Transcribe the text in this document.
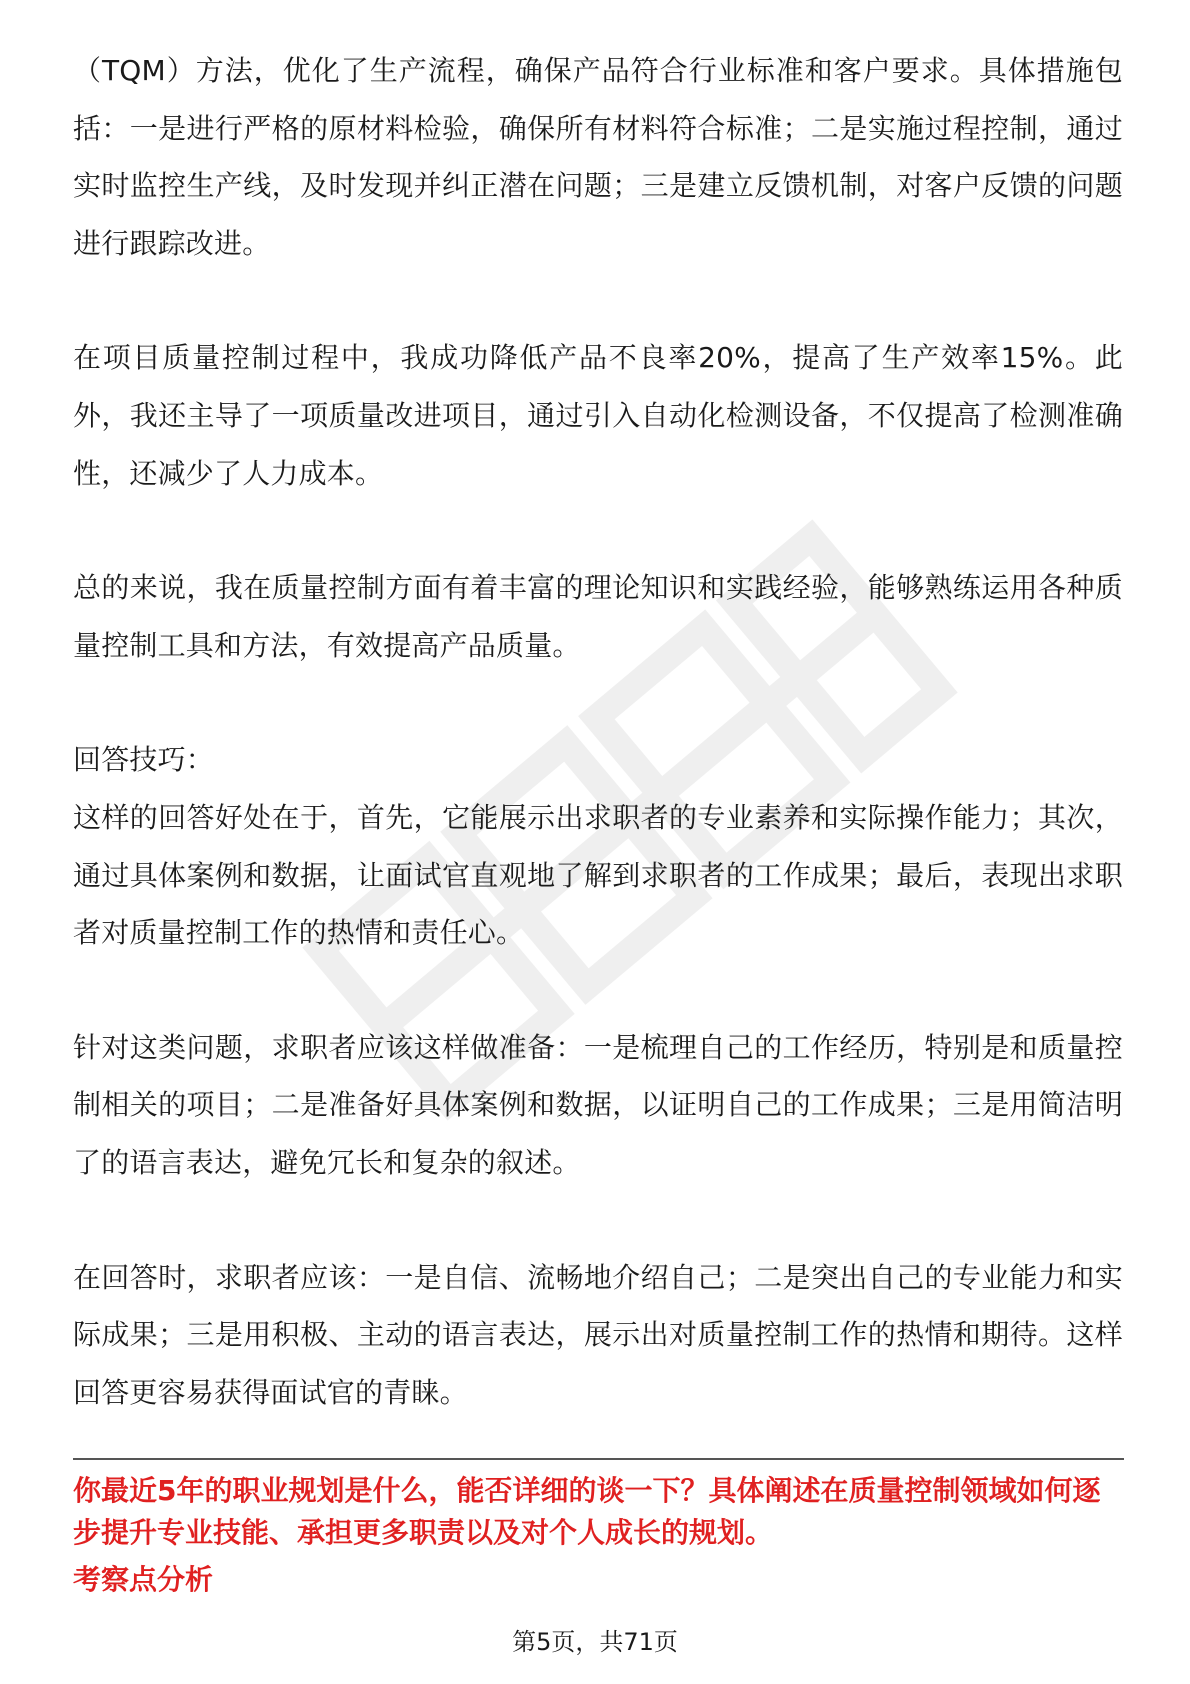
（TQM）方法，优化了生产流程，确保产品符合行业标准和客户要求。具体措施包括：一是进行严格的原材料检验，确保所有材料符合标准；二是实施过程控制，通过实时监控生产线，及时发现并纠正潜在问题；三是建立反馈机制，对客户反馈的问题进行跟踪改进。

在项目质量控制过程中，我成功降低产品不良率20%，提高了生产效率15%。此外，我还主导了一项质量改进项目，通过引入自动化检测设备，不仅提高了检测准确性，还减少了人力成本。

总的来说，我在质量控制方面有着丰富的理论知识和实践经验，能够熟练运用各种质量控制工具和方法，有效提高产品质量。

回答技巧：

这样的回答好处在于，首先，它能展示出求职者的专业素养和实际操作能力；其次，通过具体案例和数据，让面试官直观地了解到求职者的工作成果；最后，表现出求职者对质量控制工作的热情和责任心。

针对这类问题，求职者应该这样做准备：一是梳理自己的工作经历，特别是和质量控制相关的项目；二是准备好具体案例和数据，以证明自己的工作成果；三是用简洁明了的语言表达，避免冗长和复杂的叙述。

在回答时，求职者应该：一是自信、流畅地介绍自己；二是突出自己的专业能力和实际成果；三是用积极、主动的语言表达，展示出对质量控制工作的热情和期待。这样回答更容易获得面试官的青睐。

你最近5年的职业规划是什么，能否详细的谈一下？具体阐述在质量控制领域如何逐步提升专业技能、承担更多职责以及对个人成长的规划。
考察点分析
第5页，共71页
